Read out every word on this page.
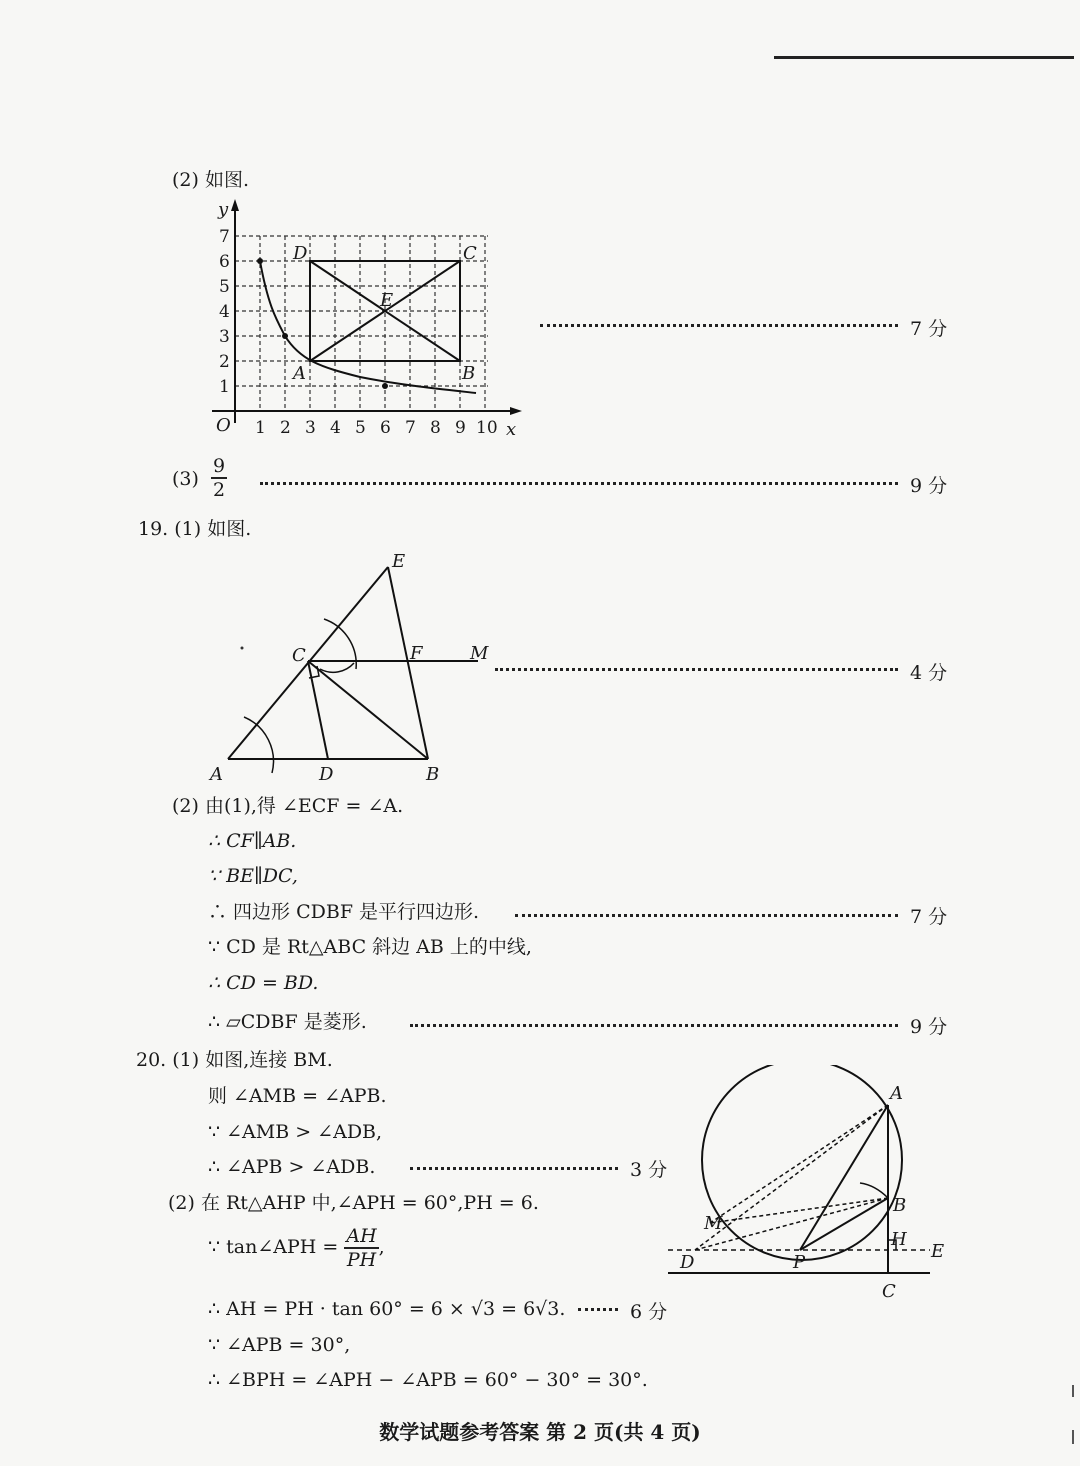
(2) 如图.
y
x
O
7
6
5
4
3
2
1
1 2 3 4 5 6 7 8 9 10
D	C
E
A	B
7 分
$(3) \frac{9}{2}$	9 分
19. (1) 如图.
E
C	F	M
A	D	B
4 分
(2) 由(1),得 ∠ECF = ∠A.
∴ CF∥AB.
∵ BE∥DC,
∴ 四边形 CDBF 是平行四边形.	7 分
∵ CD 是 Rt△ABC 斜边 AB 上的中线,
∴ CD = BD.
∴ ▱CDBF 是菱形.	9 分
20. (1) 如图,连接 BM.
则 ∠AMB = ∠APB.
∵ ∠AMB > ∠ADB,
∴ ∠APB > ∠ADB.	3 分
(2) 在 Rt△AHP 中,∠APH = 60°,PH = 6.
∵ tan∠APH = $\frac{AH}{PH}$ ,
∴ AH = PH · tan 60° = 6 × √3 = 6√3.	6 分
∵ ∠APB = 30°,
∴ ∠BPH = ∠APH − ∠APB = 60° − 30° = 30°.
A
B
H
E
D	P
C
M
数学试题参考答案 第 2 页(共 4 页)
